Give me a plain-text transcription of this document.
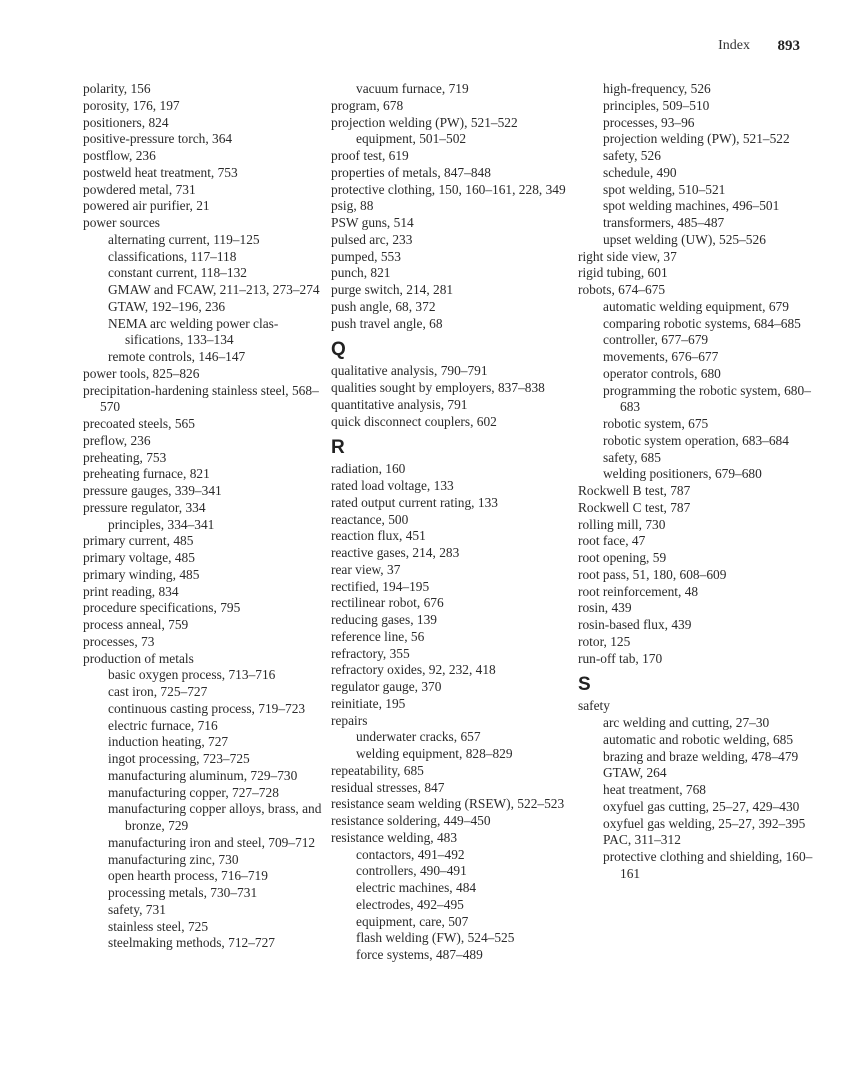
Index 893
polarity, 156
porosity, 176, 197
positioners, 824
positive-pressure torch, 364
postflow, 236
postweld heat treatment, 753
powdered metal, 731
powered air purifier, 21
power sources
alternating current, 119–125
classifications, 117–118
constant current, 118–132
GMAW and FCAW, 211–213, 273–274
GTAW, 192–196, 236
NEMA arc welding power clas-sifications, 133–134
remote controls, 146–147
power tools, 825–826
precipitation-hardening stainless steel, 568–570
precoated steels, 565
preflow, 236
preheating, 753
preheating furnace, 821
pressure gauges, 339–341
pressure regulator, 334
principles, 334–341
primary current, 485
primary voltage, 485
primary winding, 485
print reading, 834
procedure specifications, 795
process anneal, 759
processes, 73
production of metals
basic oxygen process, 713–716
cast iron, 725–727
continuous casting process, 719–723
electric furnace, 716
induction heating, 727
ingot processing, 723–725
manufacturing aluminum, 729–730
manufacturing copper, 727–728
manufacturing copper alloys, brass, and bronze, 729
manufacturing iron and steel, 709–712
manufacturing zinc, 730
open hearth process, 716–719
processing metals, 730–731
safety, 731
stainless steel, 725
steelmaking methods, 712–727
vacuum furnace, 719
program, 678
projection welding (PW), 521–522
equipment, 501–502
proof test, 619
properties of metals, 847–848
protective clothing, 150, 160–161, 228, 349
psig, 88
PSW guns, 514
pulsed arc, 233
pumped, 553
punch, 821
purge switch, 214, 281
push angle, 68, 372
push travel angle, 68
Q
qualitative analysis, 790–791
qualities sought by employers, 837–838
quantitative analysis, 791
quick disconnect couplers, 602
R
radiation, 160
rated load voltage, 133
rated output current rating, 133
reactance, 500
reaction flux, 451
reactive gases, 214, 283
rear view, 37
rectified, 194–195
rectilinear robot, 676
reducing gases, 139
reference line, 56
refractory, 355
refractory oxides, 92, 232, 418
regulator gauge, 370
reinitiate, 195
repairs
underwater cracks, 657
welding equipment, 828–829
repeatability, 685
residual stresses, 847
resistance seam welding (RSEW), 522–523
resistance soldering, 449–450
resistance welding, 483
contactors, 491–492
controllers, 490–491
electric machines, 484
electrodes, 492–495
equipment, care, 507
flash welding (FW), 524–525
force systems, 487–489
high-frequency, 526
principles, 509–510
processes, 93–96
projection welding (PW), 521–522
safety, 526
schedule, 490
spot welding, 510–521
spot welding machines, 496–501
transformers, 485–487
upset welding (UW), 525–526
right side view, 37
rigid tubing, 601
robots, 674–675
automatic welding equipment, 679
comparing robotic systems, 684–685
controller, 677–679
movements, 676–677
operator controls, 680
programming the robotic system, 680–683
robotic system, 675
robotic system operation, 683–684
safety, 685
welding positioners, 679–680
Rockwell B test, 787
Rockwell C test, 787
rolling mill, 730
root face, 47
root opening, 59
root pass, 51, 180, 608–609
root reinforcement, 48
rosin, 439
rosin-based flux, 439
rotor, 125
run-off tab, 170
S
safety
arc welding and cutting, 27–30
automatic and robotic welding, 685
brazing and braze welding, 478–479
GTAW, 264
heat treatment, 768
oxyfuel gas cutting, 25–27, 429–430
oxyfuel gas welding, 25–27, 392–395
PAC, 311–312
protective clothing and shielding, 160–161
